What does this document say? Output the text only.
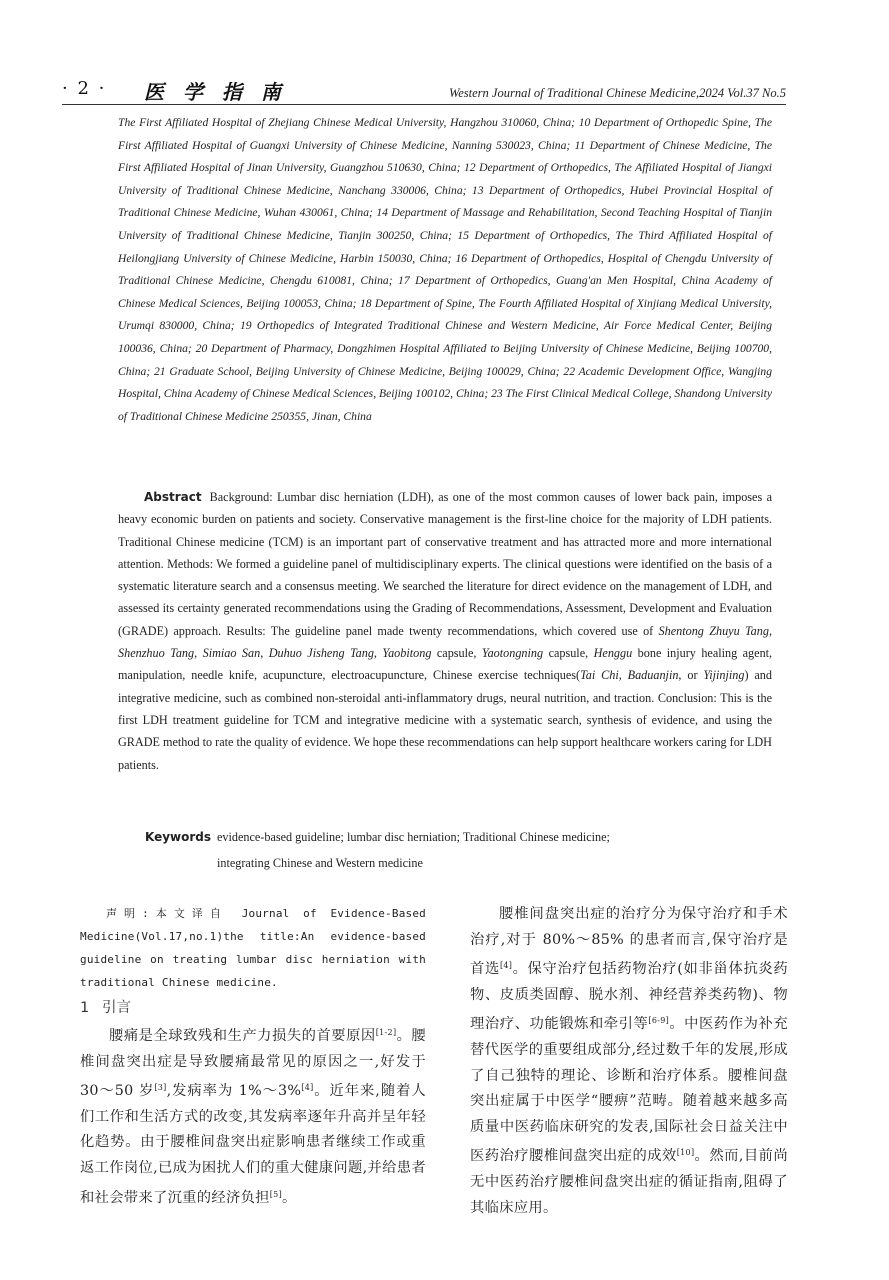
· 2 · 医 学 指 南	Western Journal of Traditional Chinese Medicine,2024 Vol.37 No.5
The First Affiliated Hospital of Zhejiang Chinese Medical University, Hangzhou 310060, China; 10 Department of Orthopedic Spine, The First Affiliated Hospital of Guangxi University of Chinese Medicine, Nanning 530023, China; 11 Department of Chinese Medicine, The First Affiliated Hospital of Jinan University, Guangzhou 510630, China; 12 Department of Orthopedics, The Affiliated Hospital of Jiangxi University of Traditional Chinese Medicine, Nanchang 330006, China; 13 Department of Orthopedics, Hubei Provincial Hospital of Traditional Chinese Medicine, Wuhan 430061, China; 14 Department of Massage and Rehabilitation, Second Teaching Hospital of Tianjin University of Traditional Chinese Medicine, Tianjin 300250, China; 15 Department of Orthopedics, The Third Affiliated Hospital of Heilongjiang University of Chinese Medicine, Harbin 150030, China; 16 Department of Orthopedics, Hospital of Chengdu University of Traditional Chinese Medicine, Chengdu 610081, China; 17 Department of Orthopedics, Guang'an Men Hospital, China Academy of Chinese Medical Sciences, Beijing 100053, China; 18 Department of Spine, The Fourth Affiliated Hospital of Xinjiang Medical University, Urumqi 830000, China; 19 Orthopedics of Integrated Traditional Chinese and Western Medicine, Air Force Medical Center, Beijing 100036, China; 20 Department of Pharmacy, Dongzhimen Hospital Affiliated to Beijing University of Chinese Medicine, Beijing 100700, China; 21 Graduate School, Beijing University of Chinese Medicine, Beijing 100029, China; 22 Academic Development Office, Wangjing Hospital, China Academy of Chinese Medical Sciences, Beijing 100102, China; 23 The First Clinical Medical College, Shandong University of Traditional Chinese Medicine 250355, Jinan, China
Abstract Background: Lumbar disc herniation (LDH), as one of the most common causes of lower back pain, imposes a heavy economic burden on patients and society. Conservative management is the first-line choice for the majority of LDH patients. Traditional Chinese medicine (TCM) is an important part of conservative treatment and has attracted more and more international attention. Methods: We formed a guideline panel of multidisciplinary experts. The clinical questions were identified on the basis of a systematic literature search and a consensus meeting. We searched the literature for direct evidence on the management of LDH, and assessed its certainty generated recommendations using the Grading of Recommendations, Assessment, Development and Evaluation (GRADE) approach. Results: The guideline panel made twenty recommendations, which covered use of Shentong Zhuyu Tang, Shenzhuo Tang, Simiao San, Duhuo Jisheng Tang, Yaobitong capsule, Yaotongning capsule, Henggu bone injury healing agent, manipulation, needle knife, acupuncture, electroacupuncture, Chinese exercise techniques(Tai Chi, Baduanjin, or Yijinjing) and integrative medicine, such as combined non-steroidal anti-inflammatory drugs, neural nutrition, and traction. Conclusion: This is the first LDH treatment guideline for TCM and integrative medicine with a systematic search, synthesis of evidence, and using the GRADE method to rate the quality of evidence. We hope these recommendations can help support healthcare workers caring for LDH patients.
Keywords evidence-based guideline; lumbar disc herniation; Traditional Chinese medicine;
integrating Chinese and Western medicine
声明:本文译自 Journal of Evidence-Based Medicine(Vol.17,no.1)the title:An evidence-based guideline on treating lumbar disc herniation with traditional Chinese medicine.
1 引言

腰痛是全球致残和生产力损失的首要原因[1-2]。腰椎间盘突出症是导致腰痛最常见的原因之一,好发于 30～50 岁[3],发病率为 1%～3%[4]。近年来,随着人们工作和生活方式的改变,其发病率逐年升高并呈年轻化趋势。由于腰椎间盘突出症影响患者继续工作或重返工作岗位,已成为困扰人们的重大健康问题,并给患者和社会带来了沉重的经济负担[5]。

腰椎间盘突出症的治疗分为保守治疗和手术治疗,对于 80%～85% 的患者而言,保守治疗是首选[4]。保守治疗包括药物治疗(如非甾体抗炎药物、皮质类固醇、脱水剂、神经营养类药物)、物理治疗、功能锻炼和牵引等[6-9]。中医药作为补充替代医学的重要组成部分,经过数千年的发展,形成了自己独特的理论、诊断和治疗体系。腰椎间盘突出症属于中医学“腰痹”范畴。随着越来越多高质量中医药临床研究的发表,国际社会日益关注中医药治疗腰椎间盘突出症的成效[10]。然而,目前尚无中医药治疗腰椎间盘突出症的循证指南,阻碍了其临床应用。
